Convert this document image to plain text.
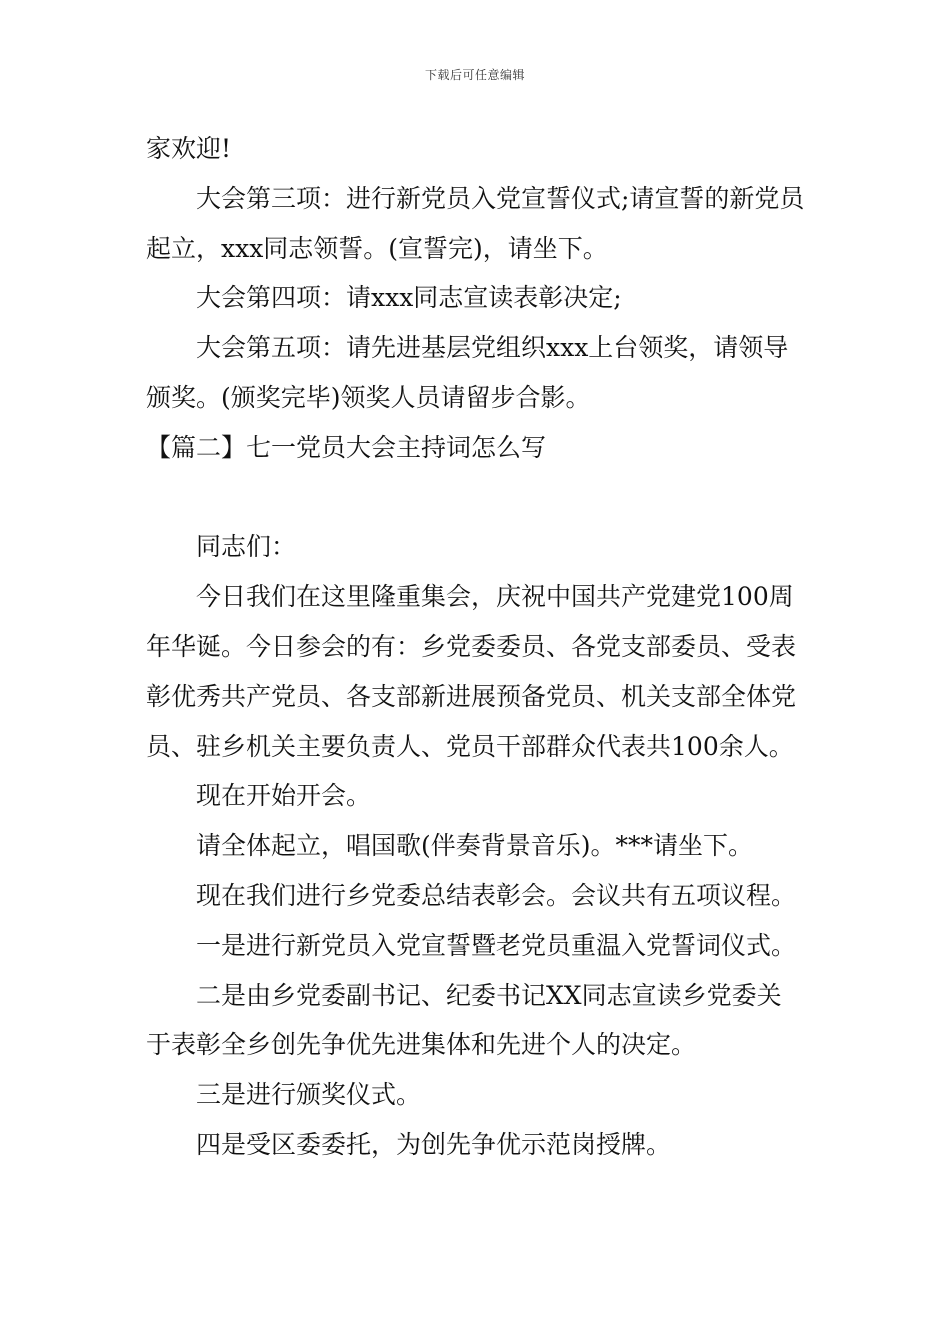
下载后可任意编辑

家欢迎!

大会第三项：进行新党员入党宣誓仪式;请宣誓的新党员起立，xxx同志领誓。(宣誓完)，请坐下。

大会第四项：请xxx同志宣读表彰决定;

大会第五项：请先进基层党组织xxx上台领奖，请领导颁奖。(颁奖完毕)领奖人员请留步合影。

【篇二】七一党员大会主持词怎么写

同志们：

今日我们在这里隆重集会，庆祝中国共产党建党100周年华诞。今日参会的有：乡党委委员、各党支部委员、受表彰优秀共产党员、各支部新进展预备党员、机关支部全体党员、驻乡机关主要负责人、党员干部群众代表共100余人。

现在开始开会。

请全体起立，唱国歌(伴奏背景音乐)。***请坐下。

现在我们进行乡党委总结表彰会。会议共有五项议程。

一是进行新党员入党宣誓暨老党员重温入党誓词仪式。

二是由乡党委副书记、纪委书记XX同志宣读乡党委关于表彰全乡创先争优先进集体和先进个人的决定。

三是进行颁奖仪式。

四是受区委委托，为创先争优示范岗授牌。
